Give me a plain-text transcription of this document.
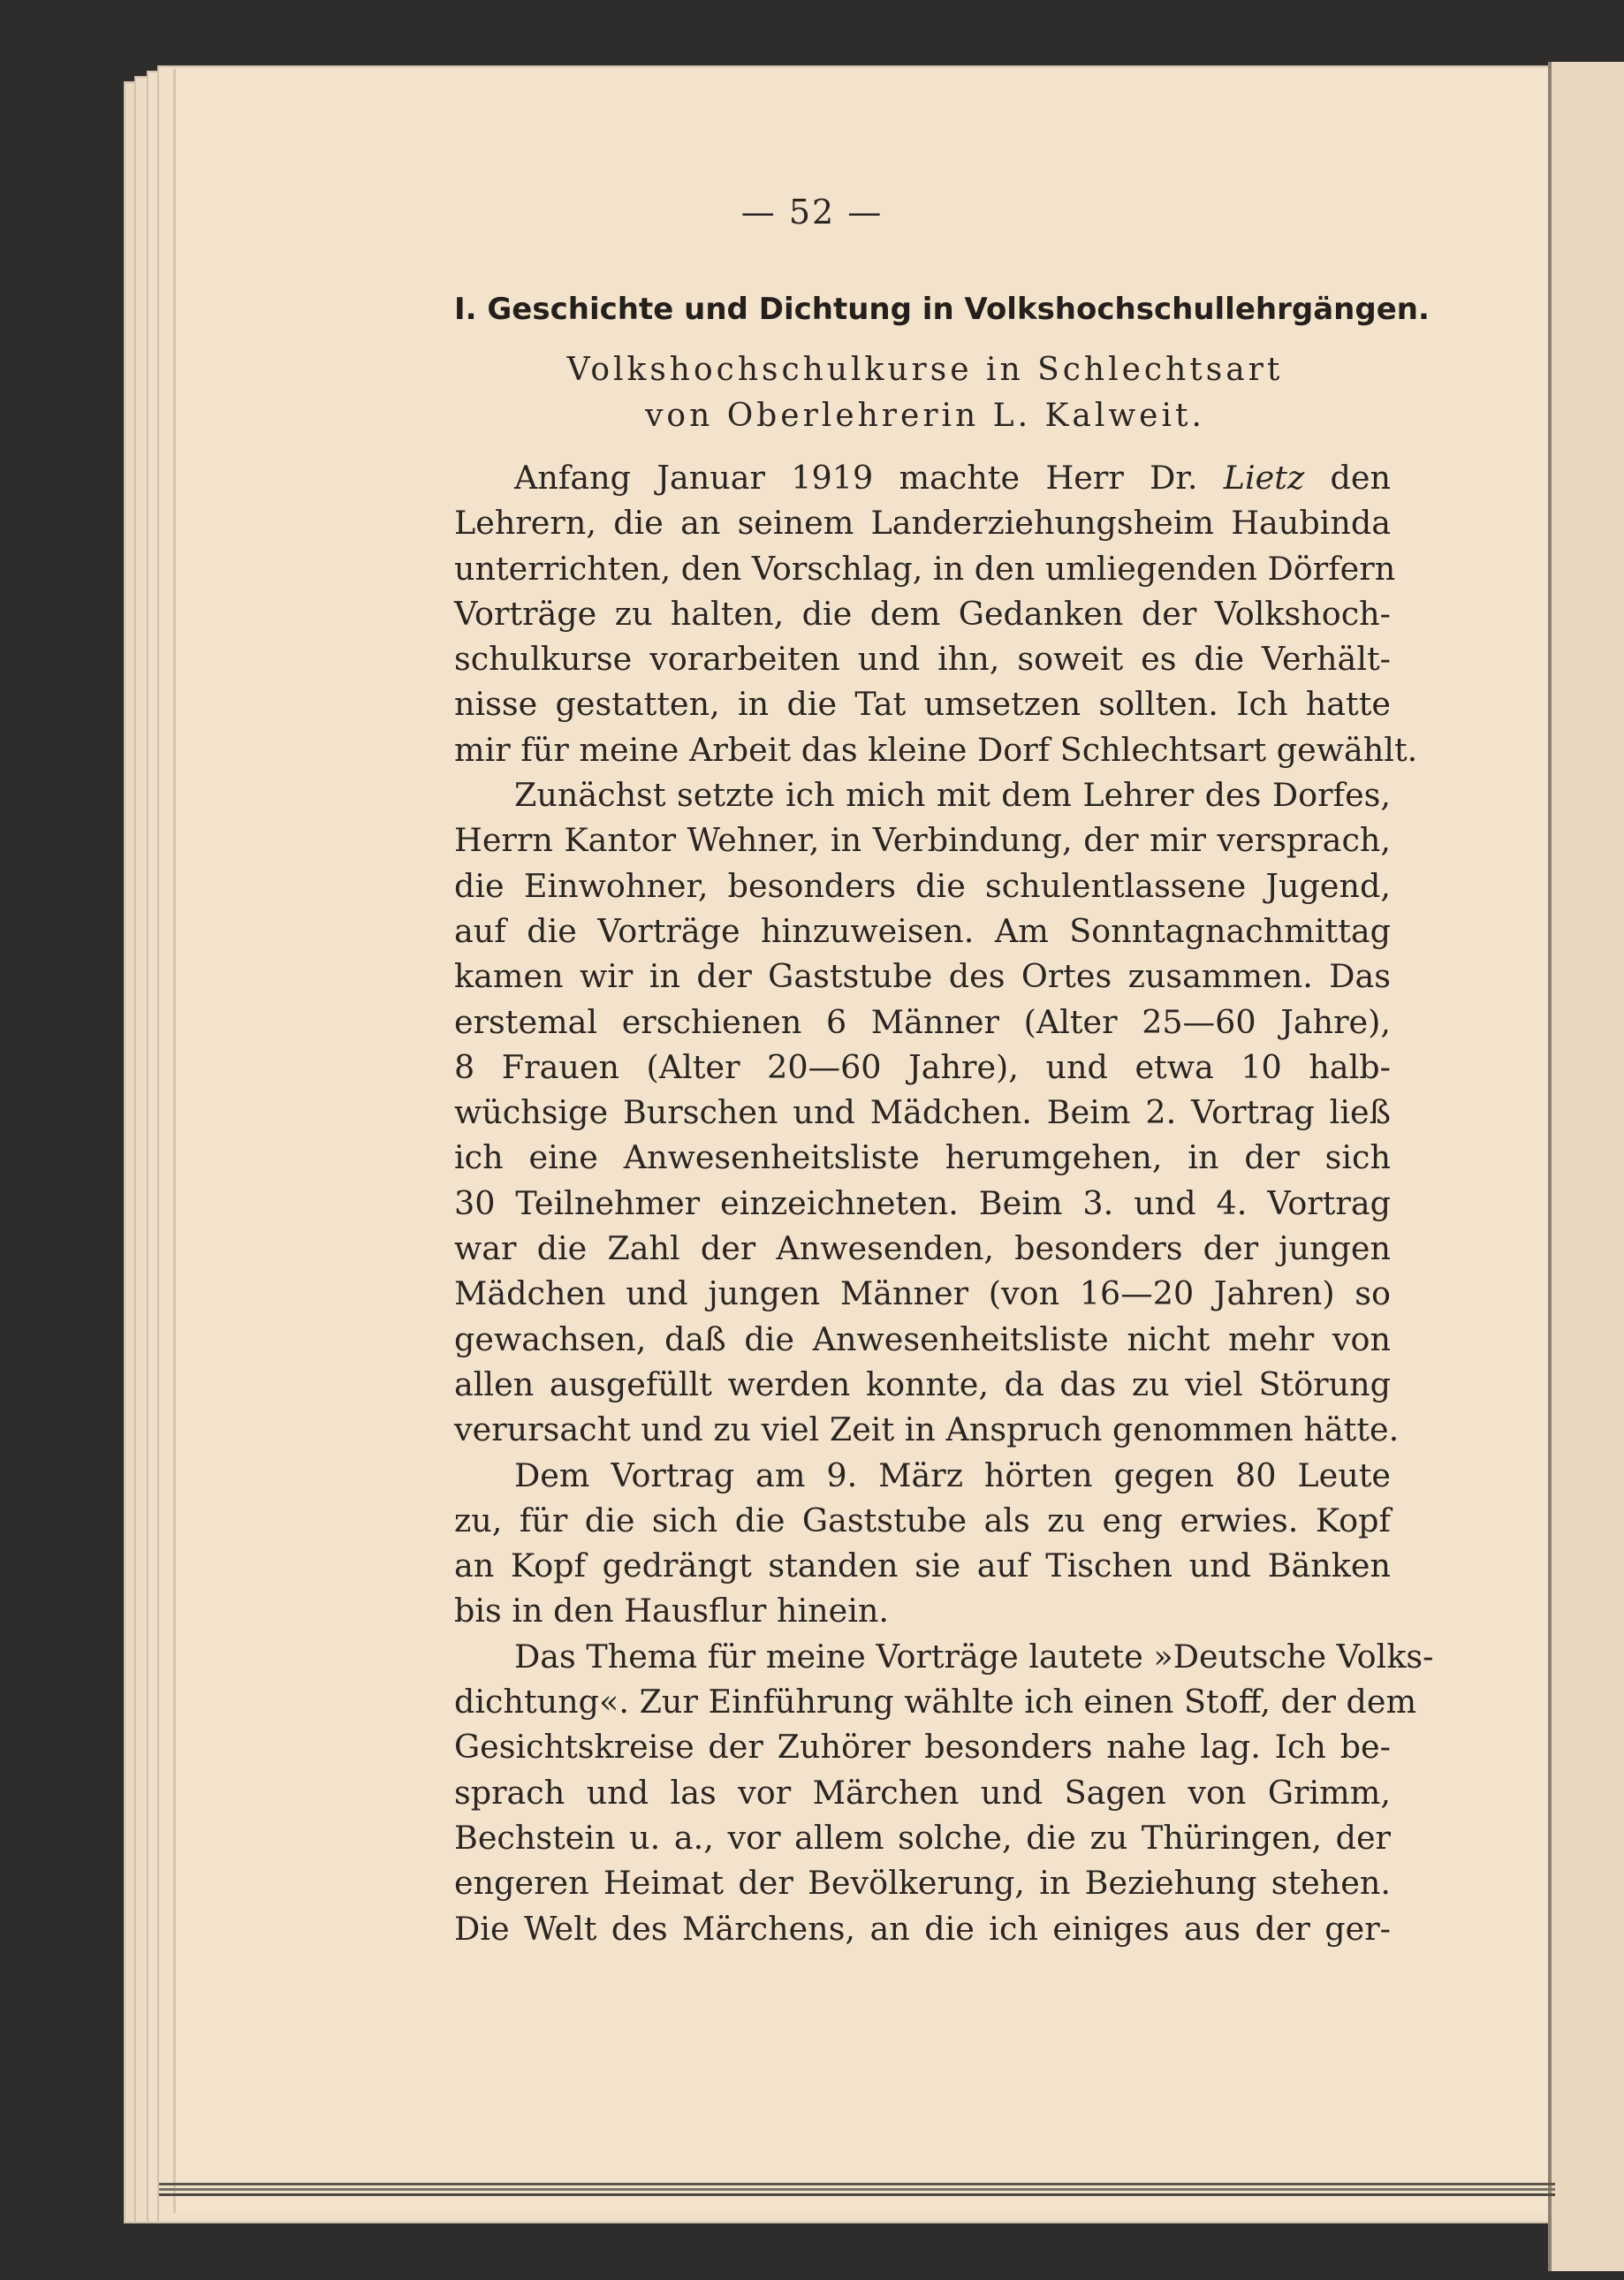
— 52 —
I. Geschichte und Dichtung in Volkshochschullehrgängen.
Volkshochschulkurse in Schlechtsart
von Oberlehrerin L. Kalweit.
Anfang Januar 1919 machte Herr Dr. Lietz den
Lehrern, die an seinem Landerziehungsheim Haubinda
unterrichten, den Vorschlag, in den umliegenden Dörfern
Vorträge zu halten, die dem Gedanken der Volkshoch-
schulkurse vorarbeiten und ihn, soweit es die Verhält-
nisse gestatten, in die Tat umsetzen sollten. Ich hatte
mir für meine Arbeit das kleine Dorf Schlechtsart gewählt.
Zunächst setzte ich mich mit dem Lehrer des Dorfes,
Herrn Kantor Wehner, in Verbindung, der mir versprach,
die Einwohner, besonders die schulentlassene Jugend,
auf die Vorträge hinzuweisen. Am Sonntagnachmittag
kamen wir in der Gaststube des Ortes zusammen. Das
erstemal erschienen 6 Männer (Alter 25—60 Jahre),
8 Frauen (Alter 20—60 Jahre), und etwa 10 halb-
wüchsige Burschen und Mädchen. Beim 2. Vortrag ließ
ich eine Anwesenheitsliste herumgehen, in der sich
30 Teilnehmer einzeichneten. Beim 3. und 4. Vortrag
war die Zahl der Anwesenden, besonders der jungen
Mädchen und jungen Männer (von 16—20 Jahren) so
gewachsen, daß die Anwesenheitsliste nicht mehr von
allen ausgefüllt werden konnte, da das zu viel Störung
verursacht und zu viel Zeit in Anspruch genommen hätte.
Dem Vortrag am 9. März hörten gegen 80 Leute
zu, für die sich die Gaststube als zu eng erwies. Kopf
an Kopf gedrängt standen sie auf Tischen und Bänken
bis in den Hausflur hinein.
Das Thema für meine Vorträge lautete »Deutsche Volks-
dichtung«. Zur Einführung wählte ich einen Stoff, der dem
Gesichtskreise der Zuhörer besonders nahe lag. Ich be-
sprach und las vor Märchen und Sagen von Grimm,
Bechstein u. a., vor allem solche, die zu Thüringen, der
engeren Heimat der Bevölkerung, in Beziehung stehen.
Die Welt des Märchens, an die ich einiges aus der ger-
